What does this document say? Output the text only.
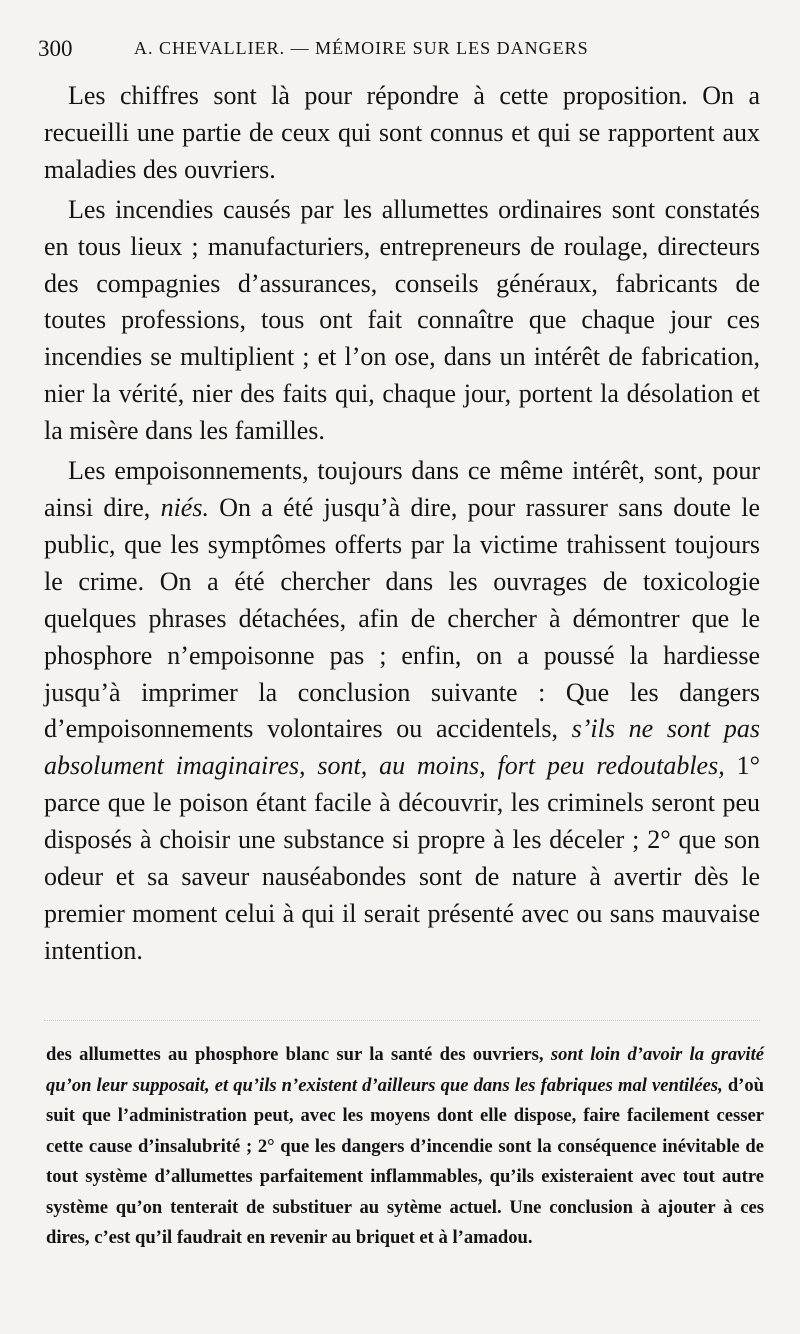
300	A. CHEVALLIER. — MÉMOIRE SUR LES DANGERS

Les chiffres sont là pour répondre à cette proposition. On a recueilli une partie de ceux qui sont connus et qui se rapportent aux maladies des ouvriers.

Les incendies causés par les allumettes ordinaires sont constatés en tous lieux ; manufacturiers, entrepreneurs de roulage, directeurs des compagnies d’assurances, conseils généraux, fabricants de toutes professions, tous ont fait connaître que chaque jour ces incendies se multiplient ; et l’on ose, dans un intérêt de fabrication, nier la vérité, nier des faits qui, chaque jour, portent la désolation et la misère dans les familles.

Les empoisonnements, toujours dans ce même intérêt, sont, pour ainsi dire, niés. On a été jusqu’à dire, pour rassurer sans doute le public, que les symptômes offerts par la victime trahissent toujours le crime. On a été chercher dans les ouvrages de toxicologie quelques phrases détachées, afin de chercher à démontrer que le phosphore n’empoisonne pas ; enfin, on a poussé la hardiesse jusqu’à imprimer la conclusion suivante : Que les dangers d’empoisonnements volontaires ou accidentels, s’ils ne sont pas absolument imaginaires, sont, au moins, fort peu redoutables, 1° parce que le poison étant facile à découvrir, les criminels seront peu disposés à choisir une substance si propre à les déceler ; 2° que son odeur et sa saveur nauséabondes sont de nature à avertir dès le premier moment celui à qui il serait présenté avec ou sans mauvaise intention.

des allumettes au phosphore blanc sur la santé des ouvriers, sont loin d’avoir la gravité qu’on leur supposait, et qu’ils n’existent d’ailleurs que dans les fabriques mal ventilées, d’où suit que l’administration peut, avec les moyens dont elle dispose, faire facilement cesser cette cause d’insalubrité ; 2° que les dangers d’incendie sont la conséquence inévitable de tout système d’allumettes parfaitement inflammables, qu’ils existeraient avec tout autre système qu’on tenterait de substituer au sytème actuel. Une conclusion à ajouter à ces dires, c’est qu’il faudrait en revenir au briquet et à l’amadou.
